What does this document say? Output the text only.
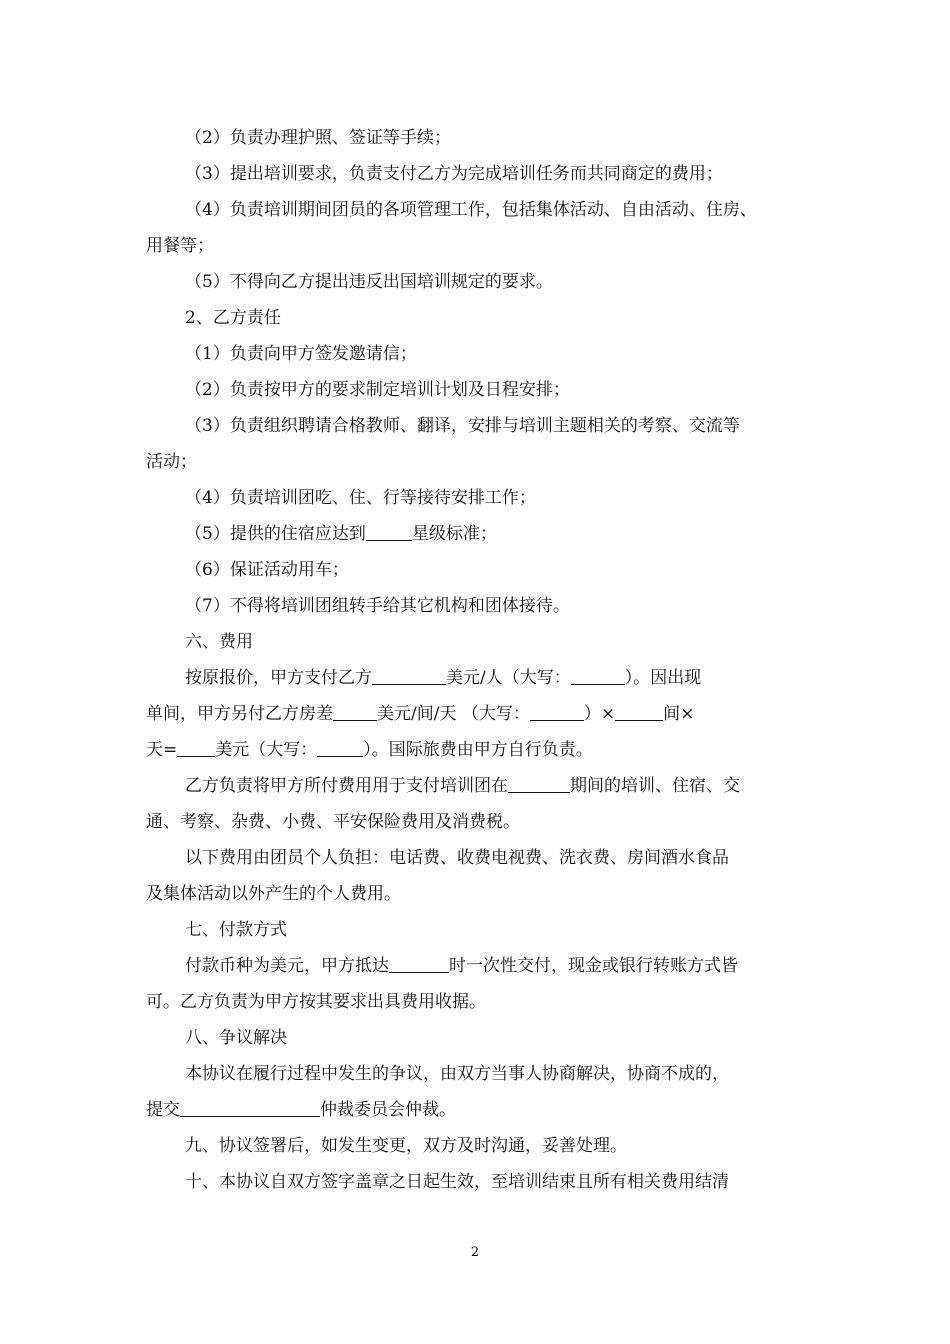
（2）负责办理护照、签证等手续；
（3）提出培训要求，负责支付乙方为完成培训任务而共同商定的费用；
（4）负责培训期间团员的各项管理工作，包括集体活动、自由活动、住房、
用餐等；
（5）不得向乙方提出违反出国培训规定的要求。
2、乙方责任
（1）负责向甲方签发邀请信；
（2）负责按甲方的要求制定培训计划及日程安排；
（3）负责组织聘请合格教师、翻译，安排与培训主题相关的考察、交流等
活动；
（4）负责培训团吃、住、行等接待安排工作；
（5）提供的住宿应达到	星级标准；
（6）保证活动用车；
（7）不得将培训团组转手给其它机构和团体接待。
六、费用
按原报价，甲方支付乙方	美元/人（大写：	）。因出现
单间，甲方另付乙方房差	美元/间/天 （大写：	）×	间×
天= 美元（大写：	）。国际旅费由甲方自行负责。
乙方负责将甲方所付费用用于支付培训团在	期间的培训、住宿、交
通、考察、杂费、小费、平安保险费用及消费税。
以下费用由团员个人负担：电话费、收费电视费、洗衣费、房间酒水食品
及集体活动以外产生的个人费用。
七、付款方式
付款币种为美元，甲方抵达	时一次性交付，现金或银行转账方式皆
可。乙方负责为甲方按其要求出具费用收据。
八、争议解决
本协议在履行过程中发生的争议，由双方当事人协商解决，协商不成的，
提交	仲裁委员会仲裁。
九、协议签署后，如发生变更，双方及时沟通，妥善处理。
十、本协议自双方签字盖章之日起生效，至培训结束且所有相关费用结清
2
